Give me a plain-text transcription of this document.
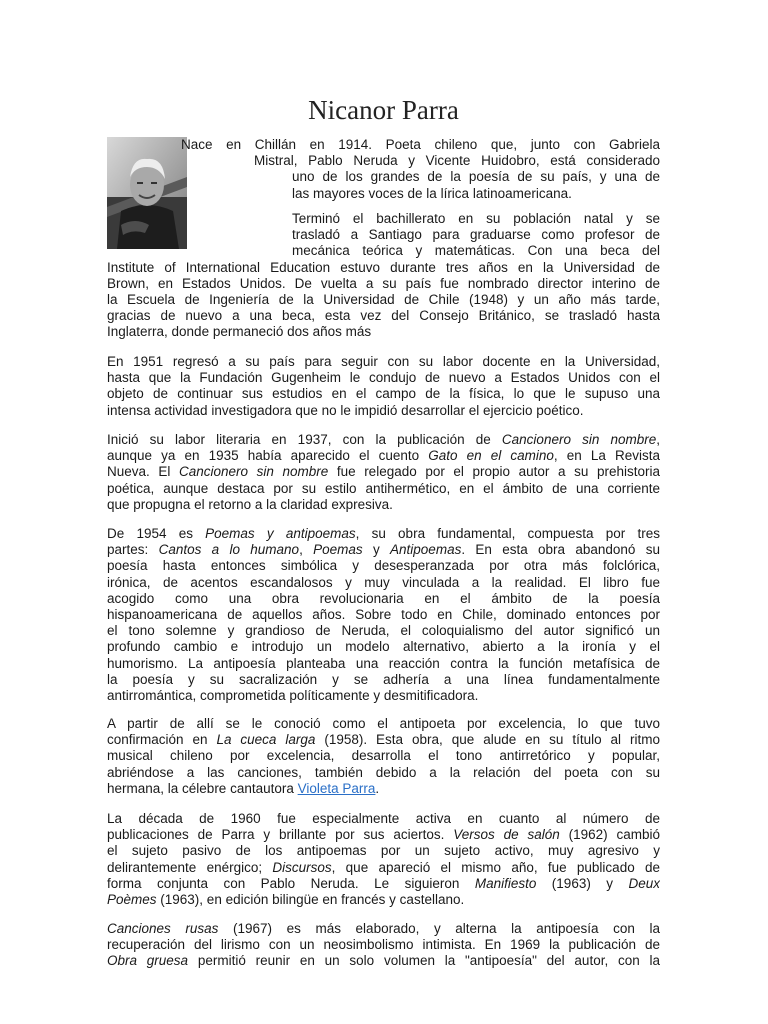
Nicanor Parra
Nace en Chillán en 1914. Poeta chileno que, junto con Gabriela
Mistral, Pablo Neruda y Vicente Huidobro, está considerado
uno de los grandes de la poesía de su país, y una de
las mayores voces de la lírica latinoamericana.
Terminó el bachillerato en su población natal y se
trasladó a Santiago para graduarse como profesor de
mecánica teórica y matemáticas. Con una beca del
Institute of International Education estuvo durante tres años en la Universidad de
Brown, en Estados Unidos. De vuelta a su país fue nombrado director interino de
la Escuela de Ingeniería de la Universidad de Chile (1948) y un año más tarde,
gracias de nuevo a una beca, esta vez del Consejo Británico, se trasladó hasta
Inglaterra, donde permaneció dos años más
En 1951 regresó a su país para seguir con su labor docente en la Universidad,
hasta que la Fundación Gugenheim le condujo de nuevo a Estados Unidos con el
objeto de continuar sus estudios en el campo de la física, lo que le supuso una
intensa actividad investigadora que no le impidió desarrollar el ejercicio poético.
Inició su labor literaria en 1937, con la publicación de Cancionero sin nombre,
aunque ya en 1935 había aparecido el cuento Gato en el camino, en La Revista
Nueva. El Cancionero sin nombre fue relegado por el propio autor a su prehistoria
poética, aunque destaca por su estilo antihermético, en el ámbito de una corriente
que propugna el retorno a la claridad expresiva.
De 1954 es Poemas y antipoemas, su obra fundamental, compuesta por tres
partes: Cantos a lo humano, Poemas y Antipoemas. En esta obra abandonó su
poesía hasta entonces simbólica y desesperanzada por otra más folclórica,
irónica, de acentos escandalosos y muy vinculada a la realidad. El libro fue
acogido como una obra revolucionaria en el ámbito de la poesía
hispanoamericana de aquellos años. Sobre todo en Chile, dominado entonces por
el tono solemne y grandioso de Neruda, el coloquialismo del autor significó un
profundo cambio e introdujo un modelo alternativo, abierto a la ironía y el
humorismo. La antipoesía planteaba una reacción contra la función metafísica de
la poesía y su sacralización y se adhería a una línea fundamentalmente
antirromántica, comprometida políticamente y desmitificadora.
A partir de allí se le conoció como el antipoeta por excelencia, lo que tuvo
confirmación en La cueca larga (1958). Esta obra, que alude en su título al ritmo
musical chileno por excelencia, desarrolla el tono antirretórico y popular,
abriéndose a las canciones, también debido a la relación del poeta con su
hermana, la célebre cantautora Violeta Parra.
La década de 1960 fue especialmente activa en cuanto al número de
publicaciones de Parra y brillante por sus aciertos. Versos de salón (1962) cambió
el sujeto pasivo de los antipoemas por un sujeto activo, muy agresivo y
delirantemente enérgico; Discursos, que apareció el mismo año, fue publicado de
forma conjunta con Pablo Neruda. Le siguieron Manifiesto (1963) y Deux
Poèmes (1963), en edición bilingüe en francés y castellano.
Canciones rusas (1967) es más elaborado, y alterna la antipoesía con la
recuperación del lirismo con un neosimbolismo intimista. En 1969 la publicación de
Obra gruesa permitió reunir en un solo volumen la "antipoesía" del autor, con la
